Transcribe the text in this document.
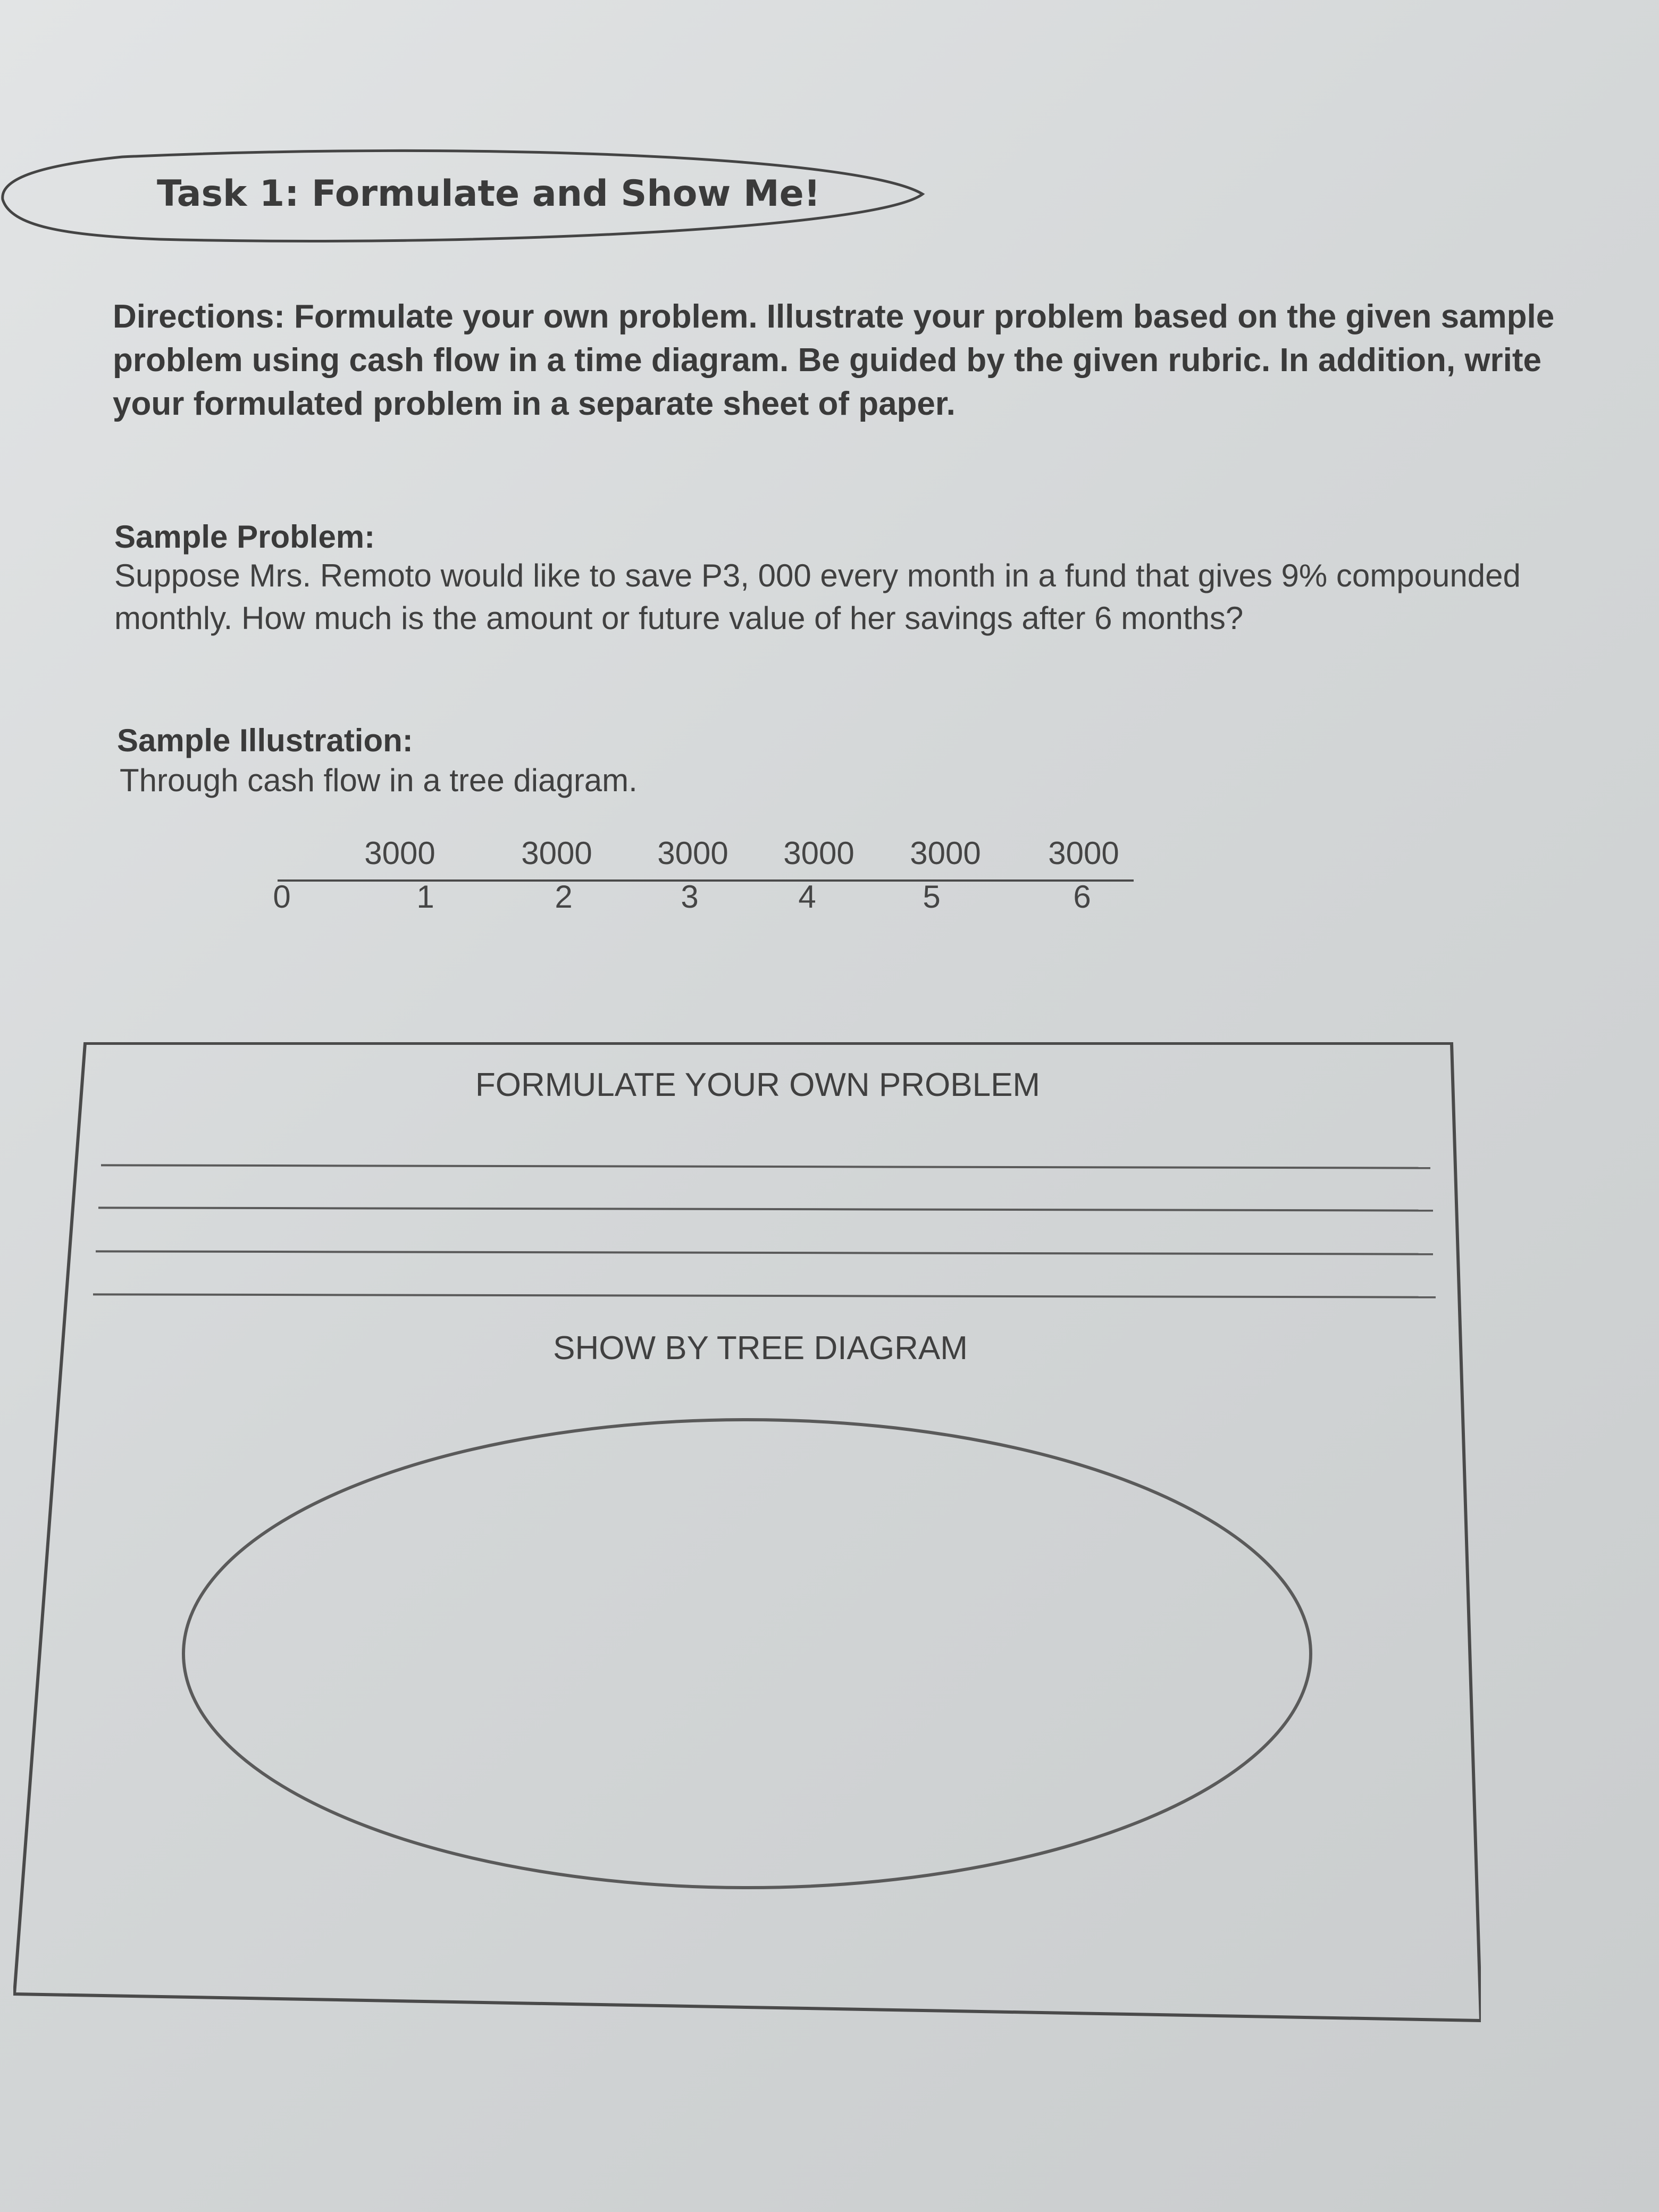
Task 1: Formulate and Show Me!
Directions: Formulate your own problem. Illustrate your problem based on the given sample problem using cash flow in a time diagram. Be guided by the given rubric. In addition, write your formulated problem in a separate sheet of paper.
Sample Problem:
Suppose Mrs. Remoto would like to save P3, 000 every month in a fund that gives 9% compounded monthly. How much is the amount or future value of her savings after 6 months?
Sample Illustration:
Through cash flow in a tree diagram.
0
3000	3000 3000 3000 3000 3000
1	2	3	4	5	6
FORMULATE YOUR OWN PROBLEM
SHOW BY TREE DIAGRAM
